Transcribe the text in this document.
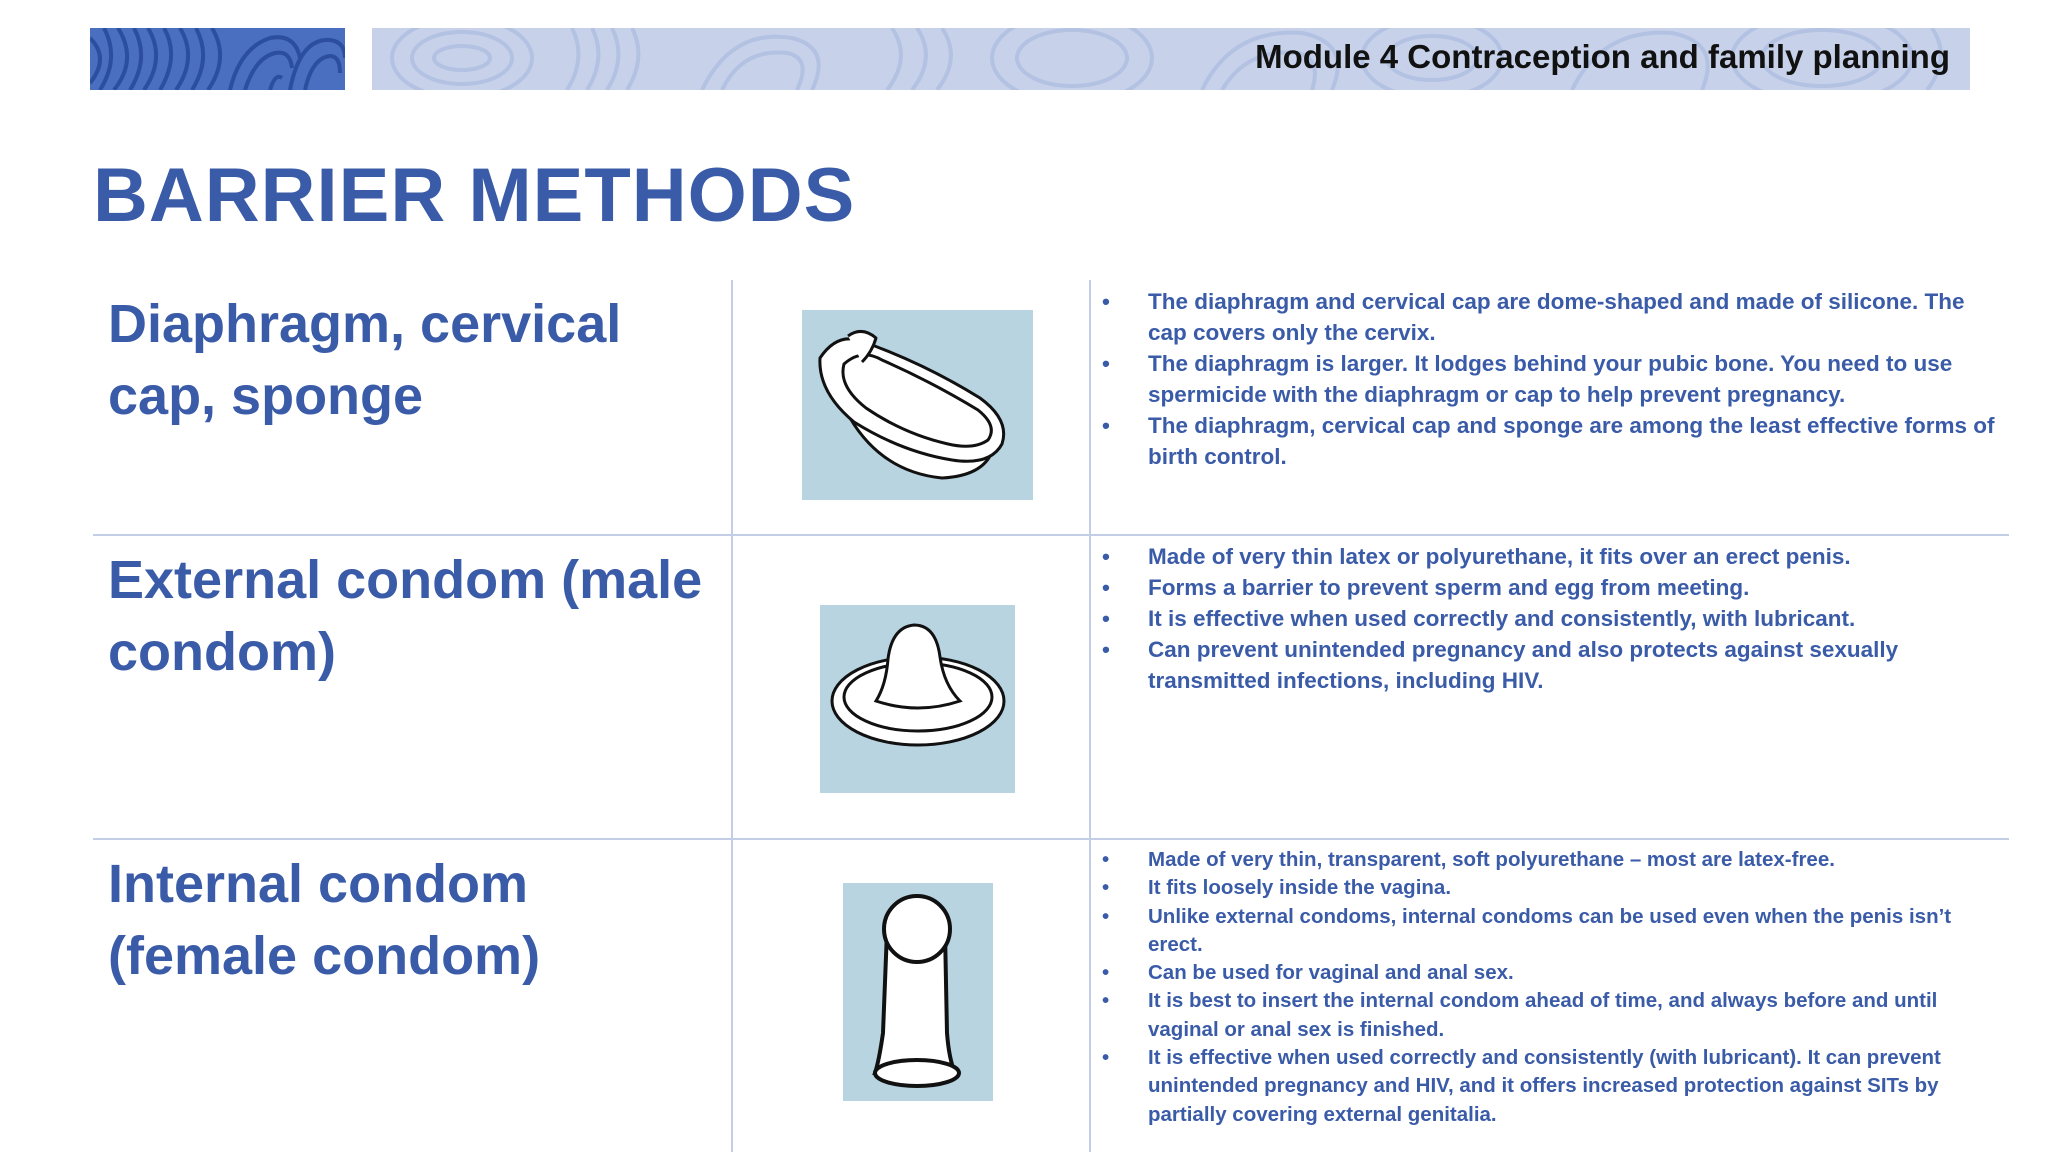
Module 4 Contraception and family planning
BARRIER METHODS
Diaphragm, cervical
cap, sponge
• The diaphragm and cervical cap are dome-shaped and made of silicone. The cap covers only the cervix.
• The diaphragm is larger. It lodges behind your pubic bone. You need to use spermicide with the diaphragm or cap to help prevent pregnancy.
• The diaphragm, cervical cap and sponge are among the least effective forms of birth control.
External condom (male
condom)
• Made of very thin latex or polyurethane, it fits over an erect penis.
• Forms a barrier to prevent sperm and egg from meeting.
• It is effective when used correctly and consistently, with lubricant.
• Can prevent unintended pregnancy and also protects against sexually transmitted infections, including HIV.
Internal condom
(female condom)
• Made of very thin, transparent, soft polyurethane – most are latex-free.
• It fits loosely inside the vagina.
• Unlike external condoms, internal condoms can be used even when the penis isn’t erect.
• Can be used for vaginal and anal sex.
• It is best to insert the internal condom ahead of time, and always before and until vaginal or anal sex is finished.
• It is effective when used correctly and consistently (with lubricant). It can prevent unintended pregnancy and HIV, and it offers increased protection against SITs by partially covering external genitalia.
